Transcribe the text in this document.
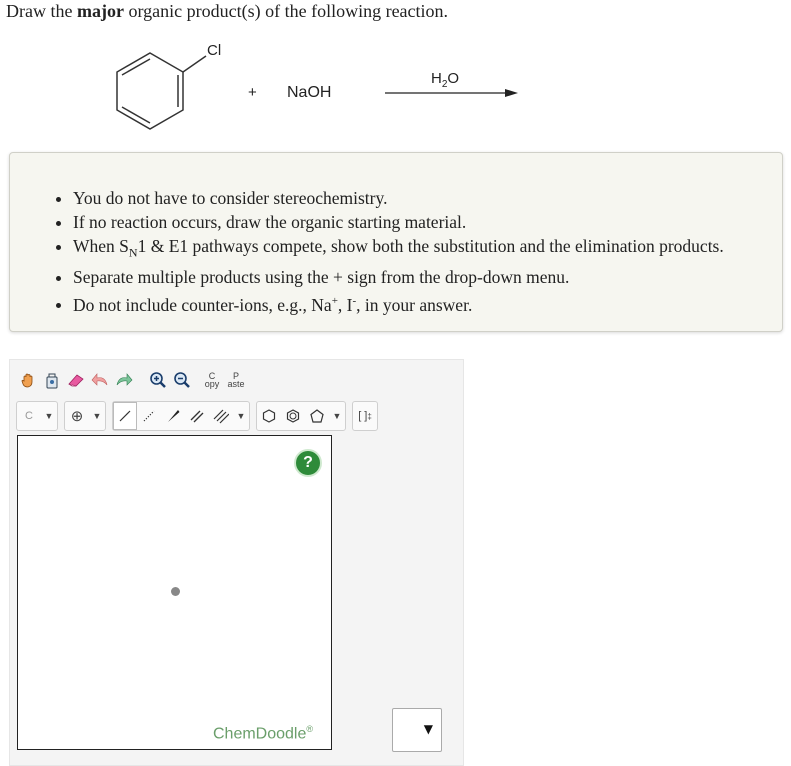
Draw the major organic product(s) of the following reaction.
Cl
+ NaOH
$H_2O$
• You do not have to consider stereochemistry.
• If no reaction occurs, draw the organic starting material.
• When $S_N1$ & E1 pathways compete, show both the substitution and the elimination products.
• Separate multiple products using the + sign from the drop-down menu.
• Do not include counter-ions, e.g., Na+, I-, in your answer.
C
opy
P
aste
C	▼	⊕	▼	▼	▼	[ ] ‡
?
ChemDoodle®	▼
